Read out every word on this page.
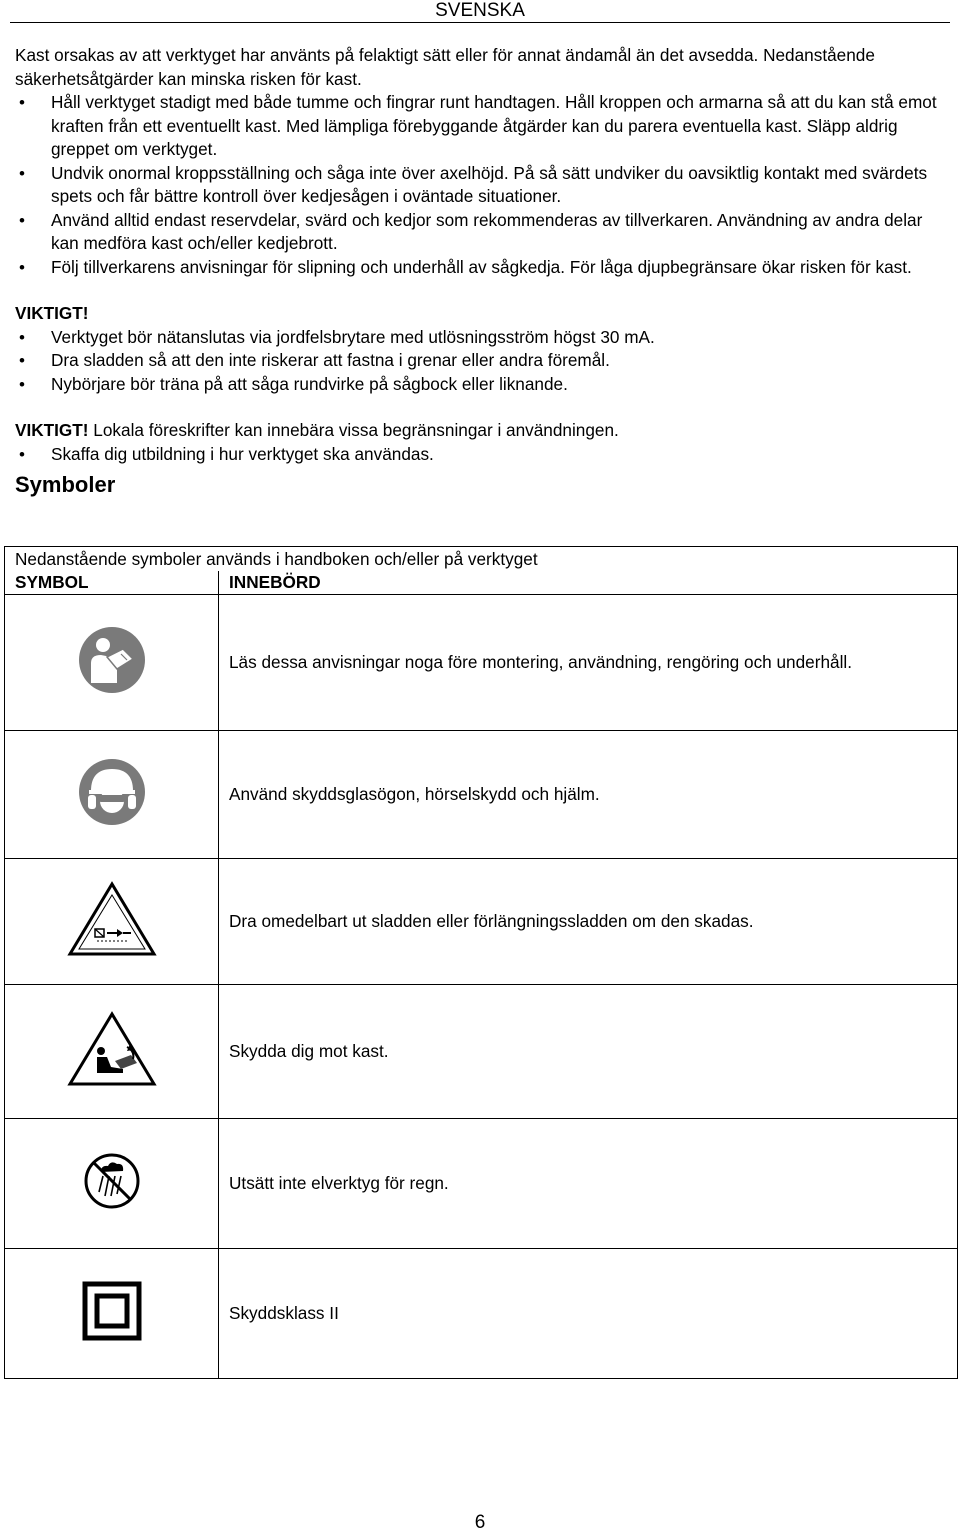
SVENSKA

Kast orsakas av att verktyget har använts på felaktigt sätt eller för annat ändamål än det avsedda. Nedanstående säkerhetsåtgärder kan minska risken för kast.

• Håll verktyget stadigt med både tumme och fingrar runt handtagen. Håll kroppen och armarna så att du kan stå emot kraften från ett eventuellt kast. Med lämpliga förebyggande åtgärder kan du parera eventuella kast. Släpp aldrig greppet om verktyget.
• Undvik onormal kroppsställning och såga inte över axelhöjd. På så sätt undviker du oavsiktlig kontakt med svärdets spets och får bättre kontroll över kedjesågen i oväntade situationer.
• Använd alltid endast reservdelar, svärd och kedjor som rekommenderas av tillverkaren. Användning av andra delar kan medföra kast och/eller kedjebrott.
• Följ tillverkarens anvisningar för slipning och underhåll av sågkedja. För låga djupbegränsare ökar risken för kast.

VIKTIGT!

• Verktyget bör nätanslutas via jordfelsbrytare med utlösningsström högst 30 mA.
• Dra sladden så att den inte riskerar att fastna i grenar eller andra föremål.
• Nybörjare bör träna på att såga rundvirke på sågbock eller liknande.

VIKTIGT! Lokala föreskrifter kan innebära vissa begränsningar i användningen.

• Skaffa dig utbildning i hur verktyget ska användas.
Symboler
Nedanstående symboler används i handboken och/eller på verktyget	
SYMBOL	INNEBÖRD
	Läs dessa anvisningar noga före montering, användning, rengöring och underhåll.
	Använd skyddsglasögon, hörselskydd och hjälm.
	Dra omedelbart ut sladden eller förlängningssladden om den skadas.
	Skydda dig mot kast.
	Utsätt inte elverktyg för regn.
	Skyddsklass II
6
